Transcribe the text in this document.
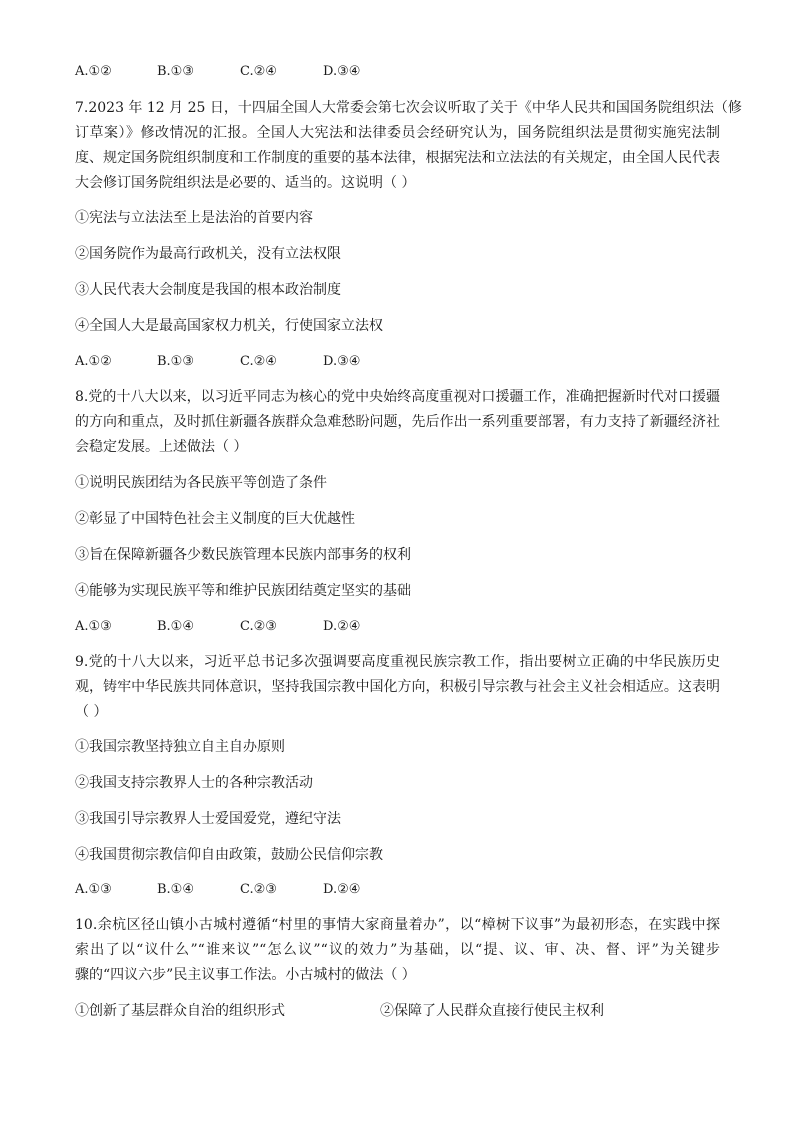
A.①②	B.①③	C.②④	D.③④
7.2023 年 12 月 25 日，十四届全国人大常委会第七次会议听取了关于《中华人民共和国国务院组织法（修
订草案）》修改情况的汇报。全国人大宪法和法律委员会经研究认为，国务院组织法是贯彻实施宪法制
度、规定国务院组织制度和工作制度的重要的基本法律，根据宪法和立法法的有关规定，由全国人民代表
大会修订国务院组织法是必要的、适当的。这说明（ ）
①宪法与立法法至上是法治的首要内容
②国务院作为最高行政机关，没有立法权限
③人民代表大会制度是我国的根本政治制度
④全国人大是最高国家权力机关，行使国家立法权
A.①②	B.①③	C.②④	D.③④
8.党的十八大以来，以习近平同志为核心的党中央始终高度重视对口援疆工作，准确把握新时代对口援疆
的方向和重点，及时抓住新疆各族群众急难愁盼问题，先后作出一系列重要部署，有力支持了新疆经济社
会稳定发展。上述做法（ ）
①说明民族团结为各民族平等创造了条件
②彰显了中国特色社会主义制度的巨大优越性
③旨在保障新疆各少数民族管理本民族内部事务的权利
④能够为实现民族平等和维护民族团结奠定坚实的基础
A.①③	B.①④	C.②③	D.②④
9.党的十八大以来，习近平总书记多次强调要高度重视民族宗教工作，指出要树立正确的中华民族历史
观，铸牢中华民族共同体意识，坚持我国宗教中国化方向，积极引导宗教与社会主义社会相适应。这表明
（ ）
①我国宗教坚持独立自主自办原则
②我国支持宗教界人士的各种宗教活动
③我国引导宗教界人士爱国爱党，遵纪守法
④我国贯彻宗教信仰自由政策，鼓励公民信仰宗教
A.①③	B.①④	C.②③	D.②④
10.余杭区径山镇小古城村遵循“村里的事情大家商量着办”，以“樟树下议事”为最初形态，在实践中探
索出了以“议什么”“谁来议”“怎么议”“议的效力”为基础，以“提、议、审、决、督、评”为关键步
骤的“四议六步”民主议事工作法。小古城村的做法（ ）
①创新了基层群众自治的组织形式	②保障了人民群众直接行使民主权利
